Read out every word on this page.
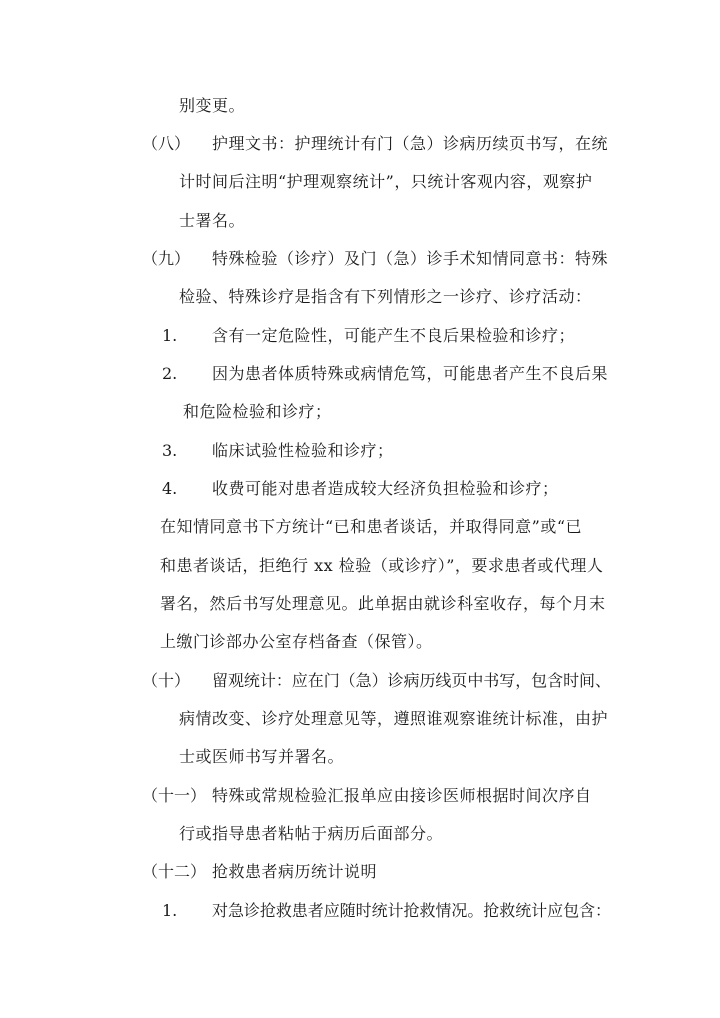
别变更。
（八） 护理文书：护理统计有门（急）诊病历续页书写，在统
计时间后注明“护理观察统计”，只统计客观内容，观察护
士署名。
（九） 特殊检验（诊疗）及门（急）诊手术知情同意书：特殊
检验、特殊诊疗是指含有下列情形之一诊疗、诊疗活动：
1. 含有一定危险性，可能产生不良后果检验和诊疗；
2. 因为患者体质特殊或病情危笃，可能患者产生不良后果
和危险检验和诊疗；
3. 临床试验性检验和诊疗；
4. 收费可能对患者造成较大经济负担检验和诊疗；
在知情同意书下方统计“已和患者谈话，并取得同意”或“已
和患者谈话，拒绝行 xx 检验（或诊疗）”，要求患者或代理人
署名，然后书写处理意见。此单据由就诊科室收存，每个月末
上缴门诊部办公室存档备查（保管）。
（十） 留观统计：应在门（急）诊病历线页中书写，包含时间、
病情改变、诊疗处理意见等，遵照谁观察谁统计标准，由护
士或医师书写并署名。
（十一） 特殊或常规检验汇报单应由接诊医师根据时间次序自
行或指导患者粘帖于病历后面部分。
（十二） 抢救患者病历统计说明
1. 对急诊抢救患者应随时统计抢救情况。抢救统计应包含：
